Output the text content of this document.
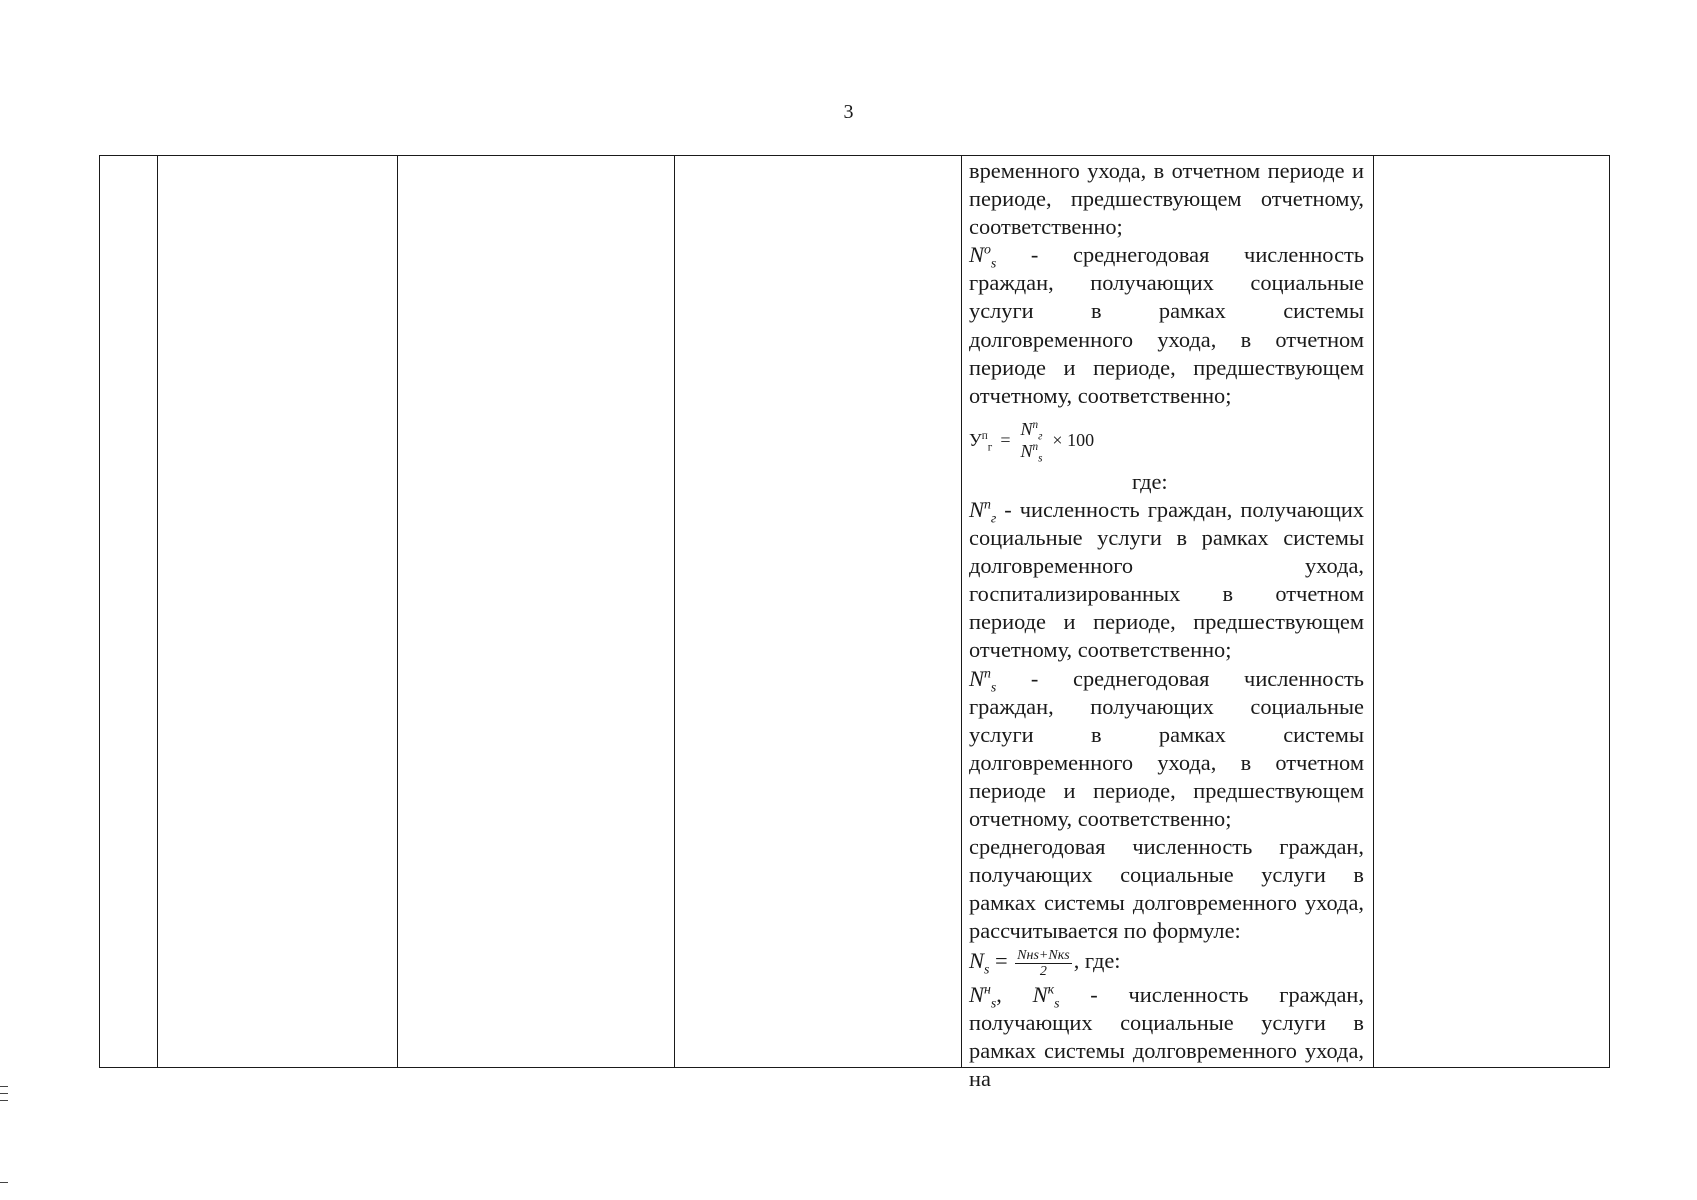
3

временного ухода, в отчетном периоде и периоде, предшествующем отчетному, соответственно;

$N^o_s$ - среднегодовая численность граждан, получающих социальные услуги в рамках системы долговременного ухода, в отчетном периоде и периоде, предшествующем отчетному, соответственно;

$У^п_г$ =
$N^п_г$
$N^п_s$
× 100

где:

$N^п_г$ - численность граждан, получающих социальные услуги в рамках системы долговременного ухода, госпитализированных в отчетном периоде и периоде, предшествующем отчетному, соответственно;

$N^п_s$ - среднегодовая численность граждан, получающих социальные услуги в рамках системы долговременного ухода, в отчетном периоде и периоде, предшествующем отчетному, соответственно;

среднегодовая численность граждан, получающих социальные услуги в рамках системы долговременного ухода, рассчитывается по формуле:

$N_s = \frac{\text{Nнs+Nкs}}{2}$ , где:

$N^н_s$, $N^к_s$ - численность граждан, получающих социальные услуги в рамках системы долговременного ухода, на
